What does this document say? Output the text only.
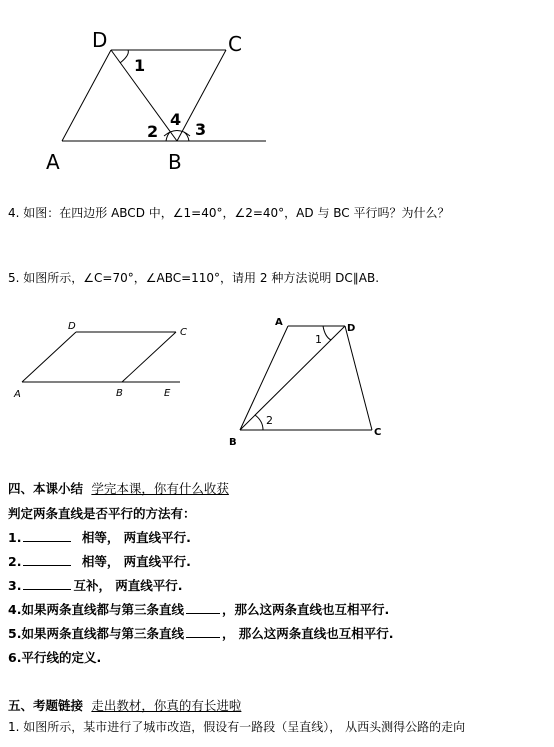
D	C
A	B
1
2 3
4
4. 如图：在四边形 ABCD 中，∠1=40°，∠2=40°，AD 与 BC 平行吗？为什么？
5. 如图所示，∠C=70°，∠ABC=110°，请用 2 种方法说明 DC∥AB.
D
C
A	B	E
A
D
B
C
1
2
四、本课小结 学完本课，你有什么收获
判定两条直线是否平行的方法有：
1.	相等， 两直线平行.
2.	相等， 两直线平行.
3.	互补， 两直线平行.
4.如果两条直线都与第三条直线	，那么这两条直线也互相平行.
5.如果两条直线都与第三条直线	， 那么这两条直线也互相平行.
6.平行线的定义.
五、考题链接 走出教材，你真的有长进啦
1. 如图所示，某市进行了城市改造，假设有一路段（呈直线）， 从西头测得公路的走向
